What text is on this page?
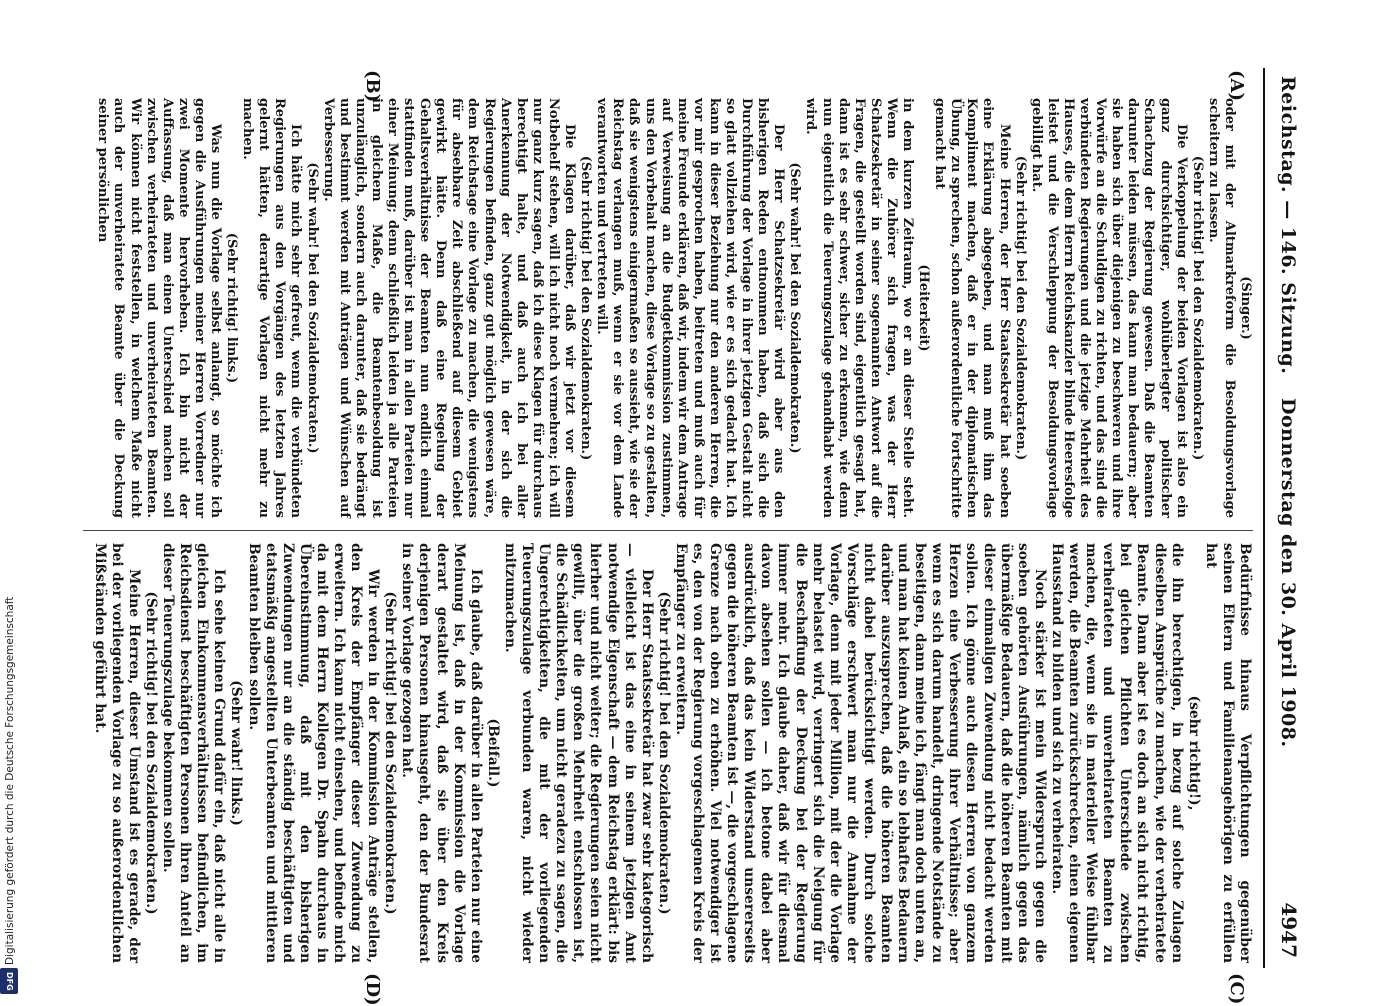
Reichstag. — 146. Sitzung.
Donnerstag den 30. April 1908.
4947
(A)
(B)
(C)
(D)

(Singer.)

oder mit der Altmarkreform die Besoldungsvorlage scheitern zu lassen.

(Sehr richtig! bei den Sozialdemokraten.)

Die Verkoppelung der beiden Vorlagen ist also ein ganz durchsichtiger, wohlüberlegter politischer Schachzug der Regierung gewesen. Daß die Beamten darunter leiden müssen, das kann man bedauern; aber sie haben sich über diejenigen zu beschweren und ihre Vorwürfe an die Schuldigen zu richten, und das sind die verbündeten Regierungen und die jetzige Mehrheit des Hauses, die dem Herrn Reichskanzler blinde Heeresfolge leistet und die Verschleppung der Besoldungsvorlage gebilligt hat.

(Sehr richtig! bei den Sozialdemokraten.)

Meine Herren, der Herr Staatssekretär hat soeben eine Erklärung abgegeben, und man muß ihm das Kompliment machen, daß er in der diplomatischen Übung, zu sprechen, schon außerordentliche Fortschritte gemacht hat

(Heiterkeit)

in dem kurzen Zeitraum, wo er an dieser Stelle steht. Wenn die Zuhörer sich fragen, was der Herr Schatzsekretär in seiner sogenannten Antwort auf die Fragen, die gestellt worden sind, eigentlich gesagt hat, dann ist es sehr schwer, sicher zu erkennen, wie denn nun eigentlich die Teuerungszulage gehandhabt werden wird.

(Sehr wahr! bei den Sozialdemokraten.)

Der Herr Schatzsekretär wird aber aus den bisherigen Reden entnommen haben, daß sich die Durchführung der Vorlage in ihrer jetzigen Gestalt nicht so glatt vollziehen wird, wie er es sich gedacht hat. Ich kann in dieser Beziehung nur den anderen Herren, die vor mir gesprochen haben, beitreten und muß auch für meine Freunde erklären, daß wir, indem wir dem Antrage auf Verweisung an die Budgetkommission zustimmen, uns den Vorbehalt machen, diese Vorlage so zu gestalten, daß sie wenigstens einigermaßen so aussieht, wie sie der Reichstag verlangen muß, wenn er sie vor dem Lande verantworten und vertreten will.

(Sehr richtig! bei den Sozialdemokraten.)

Die Klagen darüber, daß wir jetzt vor diesem Notbehelf stehen, will ich nicht noch vermehren; ich will nur ganz kurz sagen, daß ich diese Klagen für durchaus berechtigt halte, und daß auch ich bei aller Anerkennung der Notwendigkeit, in der sich die Regierungen befinden, ganz gut möglich gewesen wäre, dem Reichstage eine Vorlage zu machen, die wenigstens für absehbare Zeit abschließend auf diesem Gebiet gewirkt hätte. Denn daß eine Regelung der Gehaltsverhältnisse der Beamten nun endlich einmal stattfinden muß, darüber ist man in allen Parteien nur einer Meinung; denn schließlich leiden ja alle Parteien in gleichem Maße, die Beamtenbesoldung ist unzulänglich, sondern auch darunter, daß sie bedrängt und bestimmt werden mit Anträgen und Wünschen auf Verbesserung.

(Sehr wahr! bei den Sozialdemokraten.)

Ich hätte mich sehr gefreut, wenn die verbündeten Regierungen aus den Vorgängen des letzten Jahres gelernt hätten, derartige Vorlagen nicht mehr zu machen.

(Sehr richtig! links.)

Was nun die Vorlage selbst anlangt, so möchte ich gegen die Ausführungen meiner Herren Vorredner nur zwei Momente hervorheben. Ich bin nicht der Auffassung, daß man einen Unterschied machen soll zwischen verheirateten und unverheirateten Beamten. Wir können nicht feststellen, in welchem Maße nicht auch der unverheiratete Beamte über die Deckung seiner persönlichen

Bedürfnisse hinaus Verpflichtungen gegenüber seinen Eltern und Familienangehörigen zu erfüllen hat

(sehr richtig!),

die ihn berechtigen, in bezug auf solche Zulagen dieselben Ansprüche zu machen, wie der verheiratete Beamte. Dann aber ist es doch an sich nicht richtig, bei gleichen Pflichten Unterschiede zwischen verheirateten und unverheirateten Beamten zu machen, die, wenn sie in materieller Weise fühlbar werden, die Beamten zurückschrecken, einen eigenen Hausstand zu bilden und sich zu verheiraten.

Noch stärker ist mein Widerspruch gegen die soeben gehörten Ausführungen, nämlich gegen das übermäßige Bedauern, daß die höheren Beamten mit dieser einmaligen Zuwendung nicht bedacht werden sollen. Ich gönne auch diesen Herren von ganzem Herzen eine Verbesserung ihrer Verhältnisse; aber wenn es sich darum handelt, dringende Notstände zu beseitigen, dann meine ich, fängt man doch unten an, und man hat keinen Anlaß, ein so lebhaftes Bedauern darüber auszusprechen, daß die höheren Beamten nicht dabei berücksichtigt werden. Durch solche Vorschläge erschwert man nur die Annahme der Vorlage, denn mit jeder Million, mit der die Vorlage mehr belastet wird, verringert sich die Neigung für die Beschaffung der Deckung bei der Regierung immer mehr. Ich glaube daher, daß wir für diesmal davon absehen sollen — ich betone dabei aber ausdrücklich, daß das kein Widerstand unsererseits gegen die höheren Beamten ist —, die vorgeschlagene Grenze nach oben zu erhöhen. Viel notwendiger ist es, den von der Regierung vorgeschlagenen Kreis der Empfänger zu erweitern.

(Sehr richtig! bei den Sozialdemokraten.)

Der Herr Staatssekretär hat zwar sehr kategorisch — vielleicht ist das eine in seinem jetzigen Amt notwendige Eigenschaft — dem Reichstag erklärt: bis hierher und nicht weiter; die Regierungen seien nicht gewillt, über die großen Mehrheit entschlossen ist, die Schädlichkeiten, um nicht geradezu zu sagen, die Ungerechtigkeiten, die mit der vorliegenden Teuerungszulage verbunden waren, nicht wieder mitzumachen.

(Beifall.)

Ich glaube, daß darüber in allen Parteien nur eine Meinung ist, daß in der Kommission die Vorlage derart gestaltet wird, daß sie über den Kreis derjenigen Personen hinausgeht, den der Bundesrat in seiner Vorlage gezogen hat.

(Sehr richtig! bei den Sozialdemokraten.)

Wir werden in der Kommission Anträge stellen, den Kreis der Empfänger dieser Zuwendung zu erweitern. Ich kann nicht einsehen, und befinde mich da mit dem Herrn Kollegen Dr. Spahn durchaus in Übereinstimmung, daß mit den bisherigen Zuwendungen nur an die ständig beschäftigten und etatsmäßig angestellten Unterbeamten und mittleren Beamten bleiben sollen.

(Sehr wahr! links.)

Ich sehe keinen Grund dafür ein, daß nicht alle in gleichen Einkommensverhältnissen befindlichen, im Reichsdienst beschäftigten Personen ihren Anteil an dieser Teuerungszulage bekommen sollen.

(Sehr richtig! bei den Sozialdemokraten.)

Meine Herren, dieser Umstand ist es gerade, der bei der vorliegenden Vorlage zu so außerordentlichen Mißständen geführt hat.

Digitalisierung gefördert durch die Deutsche Forschungsgemeinschaft
DFG
